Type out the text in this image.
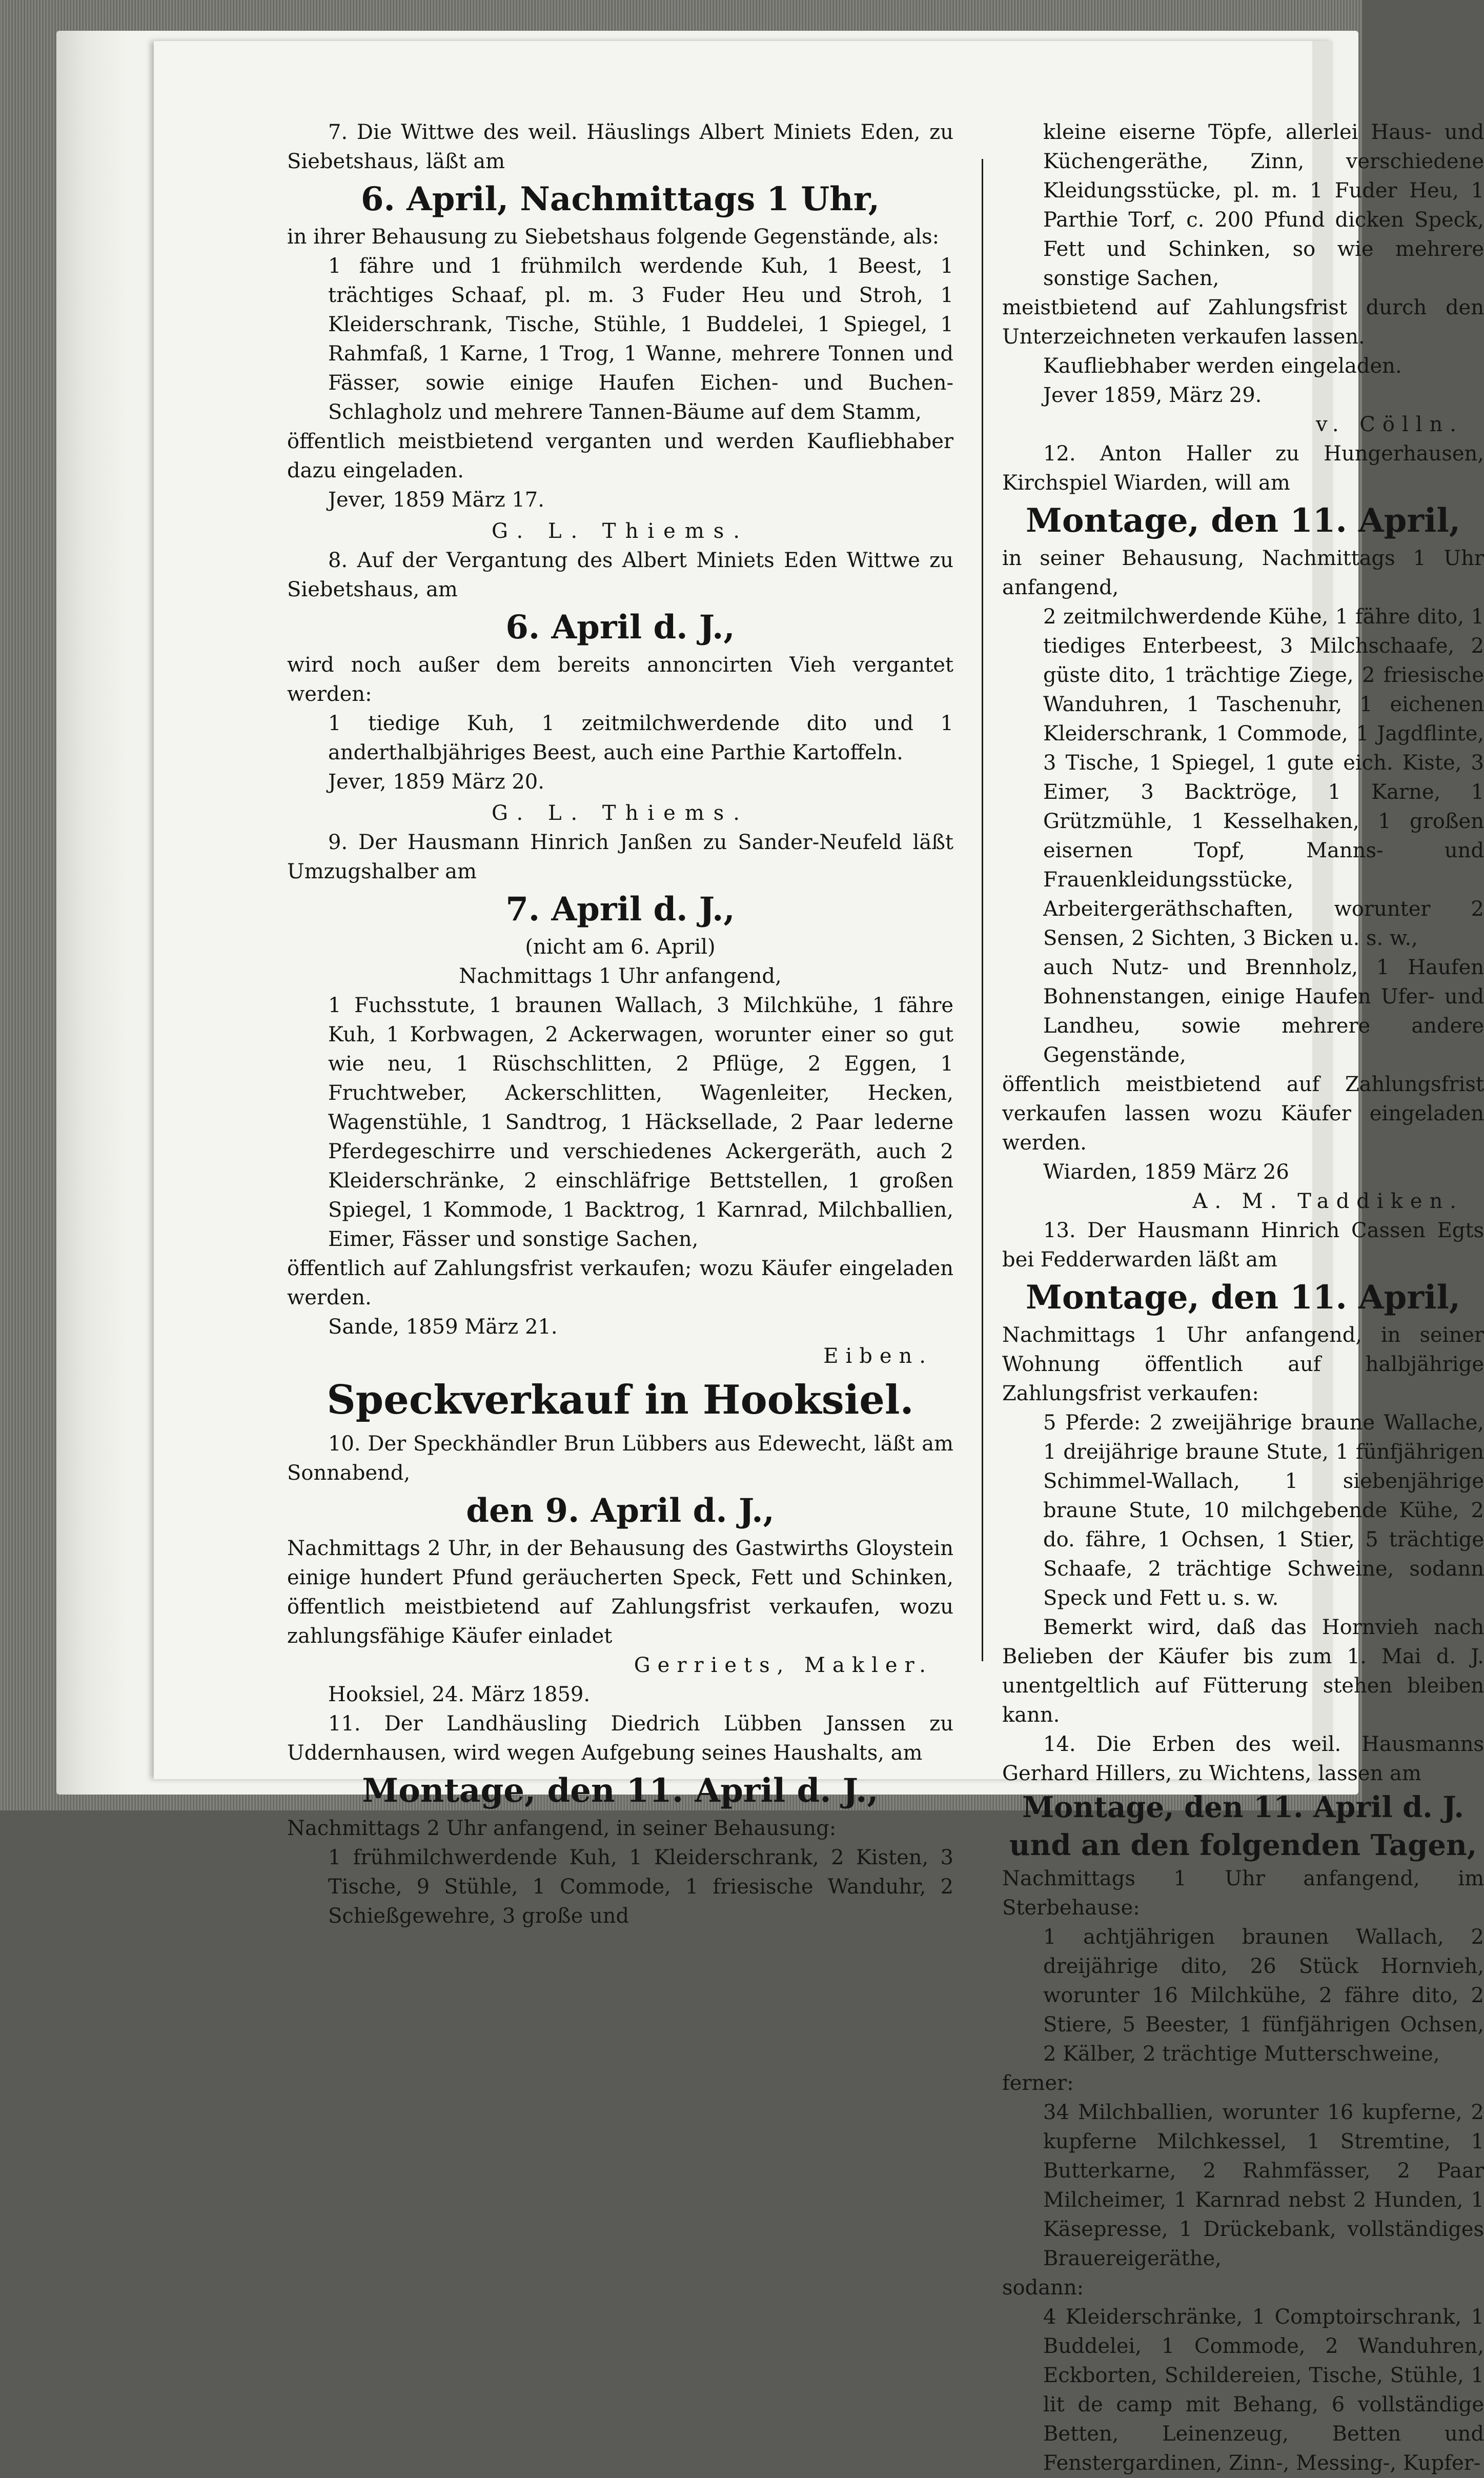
7. Die Wittwe des weil. Häuslings Albert Miniets Eden, zu Siebetshaus, läßt am

6. April, Nachmittags 1 Uhr,

in ihrer Behausung zu Siebetshaus folgende Gegenstände, als:

1 fähre und 1 frühmilch werdende Kuh, 1 Beest, 1 trächtiges Schaaf, pl. m. 3 Fuder Heu und Stroh, 1 Kleiderschrank, Tische, Stühle, 1 Buddelei, 1 Spiegel, 1 Rahmfaß, 1 Karne, 1 Trog, 1 Wanne, mehrere Tonnen und Fässer, sowie einige Haufen Eichen- und Buchen-Schlagholz und mehrere Tannen-Bäume auf dem Stamm,

öffentlich meistbietend verganten und werden Kaufliebhaber dazu eingeladen.

Jever, 1859 März 17.

G. L. Thiems.

8. Auf der Vergantung des Albert Miniets Eden Wittwe zu Siebetshaus, am

6. April d. J.,

wird noch außer dem bereits annoncirten Vieh vergantet werden:

1 tiedige Kuh, 1 zeitmilchwerdende dito und 1 anderthalbjähriges Beest, auch eine Parthie Kartoffeln.

Jever, 1859 März 20.

G. L. Thiems.

9. Der Hausmann Hinrich Janßen zu Sander-Neufeld läßt Umzugshalber am

7. April d. J.,

(nicht am 6. April)

Nachmittags 1 Uhr anfangend,

1 Fuchsstute, 1 braunen Wallach, 3 Milchkühe, 1 fähre Kuh, 1 Korbwagen, 2 Ackerwagen, worunter einer so gut wie neu, 1 Rüschschlitten, 2 Pflüge, 2 Eggen, 1 Fruchtweber, Ackerschlitten, Wagenleiter, Hecken, Wagenstühle, 1 Sandtrog, 1 Häcksellade, 2 Paar lederne Pferdegeschirre und verschiedenes Ackergeräth, auch 2 Kleiderschränke, 2 einschläfrige Bettstellen, 1 großen Spiegel, 1 Kommode, 1 Backtrog, 1 Karnrad, Milchballien, Eimer, Fässer und sonstige Sachen,

öffentlich auf Zahlungsfrist verkaufen; wozu Käufer eingeladen werden.

Sande, 1859 März 21.

Eiben.

Speckverkauf in Hooksiel.

10. Der Speckhändler Brun Lübbers aus Edewecht, läßt am Sonnabend,

den 9. April d. J.,

Nachmittags 2 Uhr, in der Behausung des Gastwirths Gloystein einige hundert Pfund geräucherten Speck, Fett und Schinken, öffentlich meistbietend auf Zahlungsfrist verkaufen, wozu zahlungsfähige Käufer einladet

Gerriets, Makler.

Hooksiel, 24. März 1859.

11. Der Landhäusling Diedrich Lübben Janssen zu Uddernhausen, wird wegen Aufgebung seines Haushalts, am

Montage, den 11. April d. J.,

Nachmittags 2 Uhr anfangend, in seiner Behausung:

1 frühmilchwerdende Kuh, 1 Kleiderschrank, 2 Kisten, 3 Tische, 9 Stühle, 1 Commode, 1 friesische Wanduhr, 2 Schießgewehre, 3 große und

kleine eiserne Töpfe, allerlei Haus- und Küchengeräthe, Zinn, verschiedene Kleidungsstücke, pl. m. 1 Fuder Heu, 1 Parthie Torf, c. 200 Pfund dicken Speck, Fett und Schinken, so wie mehrere sonstige Sachen,

meistbietend auf Zahlungsfrist durch den Unterzeichneten verkaufen lassen.

Kaufliebhaber werden eingeladen.

Jever 1859, März 29.

v. Cölln.

12. Anton Haller zu Hungerhausen, Kirchspiel Wiarden, will am

Montage, den 11. April,

in seiner Behausung, Nachmittags 1 Uhr anfangend,

2 zeitmilchwerdende Kühe, 1 fähre dito, 1 tiediges Enterbeest, 3 Milchschaafe, 2 güste dito, 1 trächtige Ziege, 2 friesische Wanduhren, 1 Taschenuhr, 1 eichenen Kleiderschrank, 1 Commode, 1 Jagdflinte, 3 Tische, 1 Spiegel, 1 gute eich. Kiste, 3 Eimer, 3 Backtröge, 1 Karne, 1 Grützmühle, 1 Kesselhaken, 1 großen eisernen Topf, Manns- und Frauenkleidungsstücke, Arbeitergeräthschaften, worunter 2 Sensen, 2 Sichten, 3 Bicken u. s. w.,

auch Nutz- und Brennholz, 1 Haufen Bohnenstangen, einige Haufen Ufer- und Landheu, sowie mehrere andere Gegenstände,

öffentlich meistbietend auf Zahlungsfrist verkaufen lassen wozu Käufer eingeladen werden.

Wiarden, 1859 März 26

A. M. Taddiken.

13. Der Hausmann Hinrich Cassen Egts bei Fedderwarden läßt am

Montage, den 11. April,

Nachmittags 1 Uhr anfangend, in seiner Wohnung öffentlich auf halbjährige Zahlungsfrist verkaufen:

5 Pferde: 2 zweijährige braune Wallache, 1 dreijährige braune Stute, 1 fünfjährigen Schimmel-Wallach, 1 siebenjährige braune Stute, 10 milchgebende Kühe, 2 do. fähre, 1 Ochsen, 1 Stier, 5 trächtige Schaafe, 2 trächtige Schweine, sodann Speck und Fett u. s. w.

Bemerkt wird, daß das Hornvieh nach Belieben der Käufer bis zum 1. Mai d. J. unentgeltlich auf Fütterung stehen bleiben kann.

14. Die Erben des weil. Hausmanns Gerhard Hillers, zu Wichtens, lassen am

Montage, den 11. April d. J.
und an den folgenden Tagen,

Nachmittags 1 Uhr anfangend, im Sterbehause:

1 achtjährigen braunen Wallach, 2 dreijährige dito, 26 Stück Hornvieh, worunter 16 Milchkühe, 2 fähre dito, 2 Stiere, 5 Beester, 1 fünfjährigen Ochsen, 2 Kälber, 2 trächtige Mutterschweine,

ferner:

34 Milchballien, worunter 16 kupferne, 2 kupferne Milchkessel, 1 Stremtine, 1 Butterkarne, 2 Rahmfässer, 2 Paar Milcheimer, 1 Karnrad nebst 2 Hunden, 1 Käsepresse, 1 Drückebank, vollständiges Brauereigeräthe,

sodann:

4 Kleiderschränke, 1 Comptoirschrank, 1 Buddelei, 1 Commode, 2 Wanduhren, Eckborten, Schildereien, Tische, Stühle, 1 lit de camp mit Behang, 6 vollständige Betten, Leinenzeug, Betten und Fenstergardinen, Zinn-, Messing-, Kupfer-
